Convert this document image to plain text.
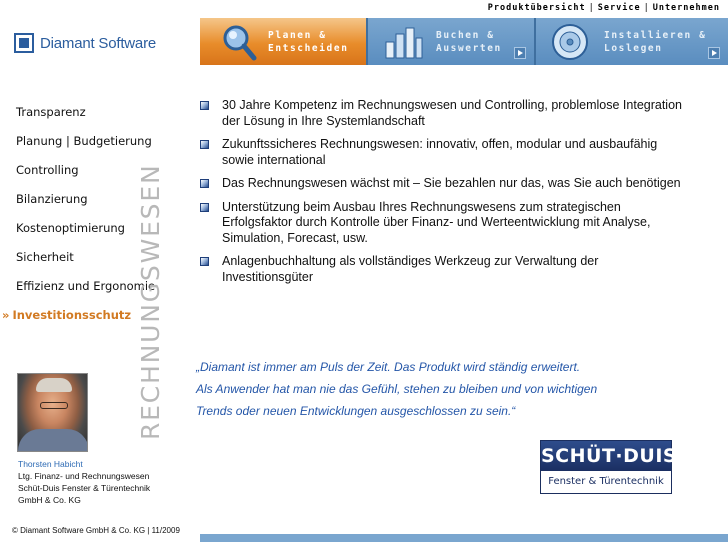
Produktübersicht | Service | Unternehmen
Diamant Software	Planen &
Entscheiden
Buchen &
Auswerten
Installieren &
Loslegen
Transparenz
Planung | Budgetierung
Controlling
Bilanzierung
Kostenoptimierung
Sicherheit
Effizienz und Ergonomie
» Investitionsschutz RECHNUNGSWESEN
30 Jahre Kompetenz im Rechnungswesen und Controlling, problemlose Integration der Lösung in Ihre Systemlandschaft
Zukunftssicheres Rechnungswesen: innovativ, offen, modular und ausbaufähig sowie international
Das Rechnungswesen wächst mit – Sie bezahlen nur das, was Sie auch benötigen
Unterstützung beim Ausbau Ihres Rechnungswesens zum strategischen Erfolgsfaktor durch Kontrolle über Finanz- und Werteentwicklung mit Analyse, Simulation, Forecast, usw.
Anlagenbuchhaltung als vollständiges Werkzeug zur Verwaltung der Investitionsgüter

„Diamant ist immer am Puls der Zeit. Das Produkt wird ständig erweitert.

Als Anwender hat man nie das Gefühl, stehen zu bleiben und von wichtigen

Trends oder neuen Entwicklungen ausgeschlossen zu sein.“

Thorsten Habicht
Ltg. Finanz- und Rechnungswesen
Schüt-Duis Fenster & Türentechnik
GmbH & Co. KG
SCHÜT·DUIS
Fenster & Türentechnik
© Diamant Software GmbH & Co. KG | 11/2009
